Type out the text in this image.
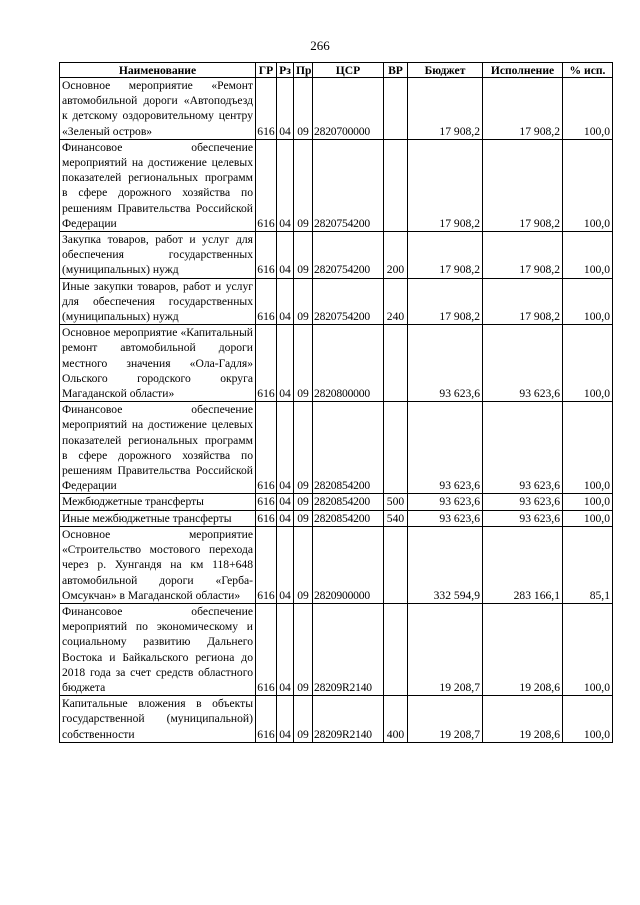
266
Наименование	ГР	Рз	Пр	ЦСР	ВР	Бюджет	Исполнение	% исп.
Основное мероприятие «Ремонт автомобильной дороги «Автоподъезд к детскому оздоровительному центру «Зеленый остров»	616	04	09	2820700000		17 908,2	17 908,2	100,0
Финансовое обеспечение мероприятий на достижение целевых показателей региональных программ в сфере дорожного хозяйства по решениям Правительства Российской Федерации	616	04	09	2820754200		17 908,2	17 908,2	100,0
Закупка товаров, работ и услуг для обеспечения государственных (муниципальных) нужд	616	04	09	2820754200	200	17 908,2	17 908,2	100,0
Иные закупки товаров, работ и услуг для обеспечения государственных (муниципальных) нужд	616	04	09	2820754200	240	17 908,2	17 908,2	100,0
Основное мероприятие «Капитальный ремонт автомобильной дороги местного значения «Ола-Гадля» Ольского городского округа Магаданской области»	616	04	09	2820800000		93 623,6	93 623,6	100,0
Финансовое обеспечение мероприятий на достижение целевых показателей региональных программ в сфере дорожного хозяйства по решениям Правительства Российской Федерации	616	04	09	2820854200		93 623,6	93 623,6	100,0
Межбюджетные трансферты	616	04	09	2820854200	500	93 623,6	93 623,6	100,0
Иные межбюджетные трансферты	616	04	09	2820854200	540	93 623,6	93 623,6	100,0
Основное мероприятие «Строительство мостового перехода через р. Хунгандя на км 118+648 автомобильной дороги «Герба-Омсукчан» в Магаданской области»	616	04	09	2820900000		332 594,9	283 166,1	85,1
Финансовое обеспечение мероприятий по экономическому и социальному развитию Дальнего Востока и Байкальского региона до 2018 года за счет средств областного бюджета	616	04	09	28209R2140		19 208,7	19 208,6	100,0
Капитальные вложения в объекты государственной (муниципальной) собственности	616	04	09	28209R2140	400	19 208,7	19 208,6	100,0
